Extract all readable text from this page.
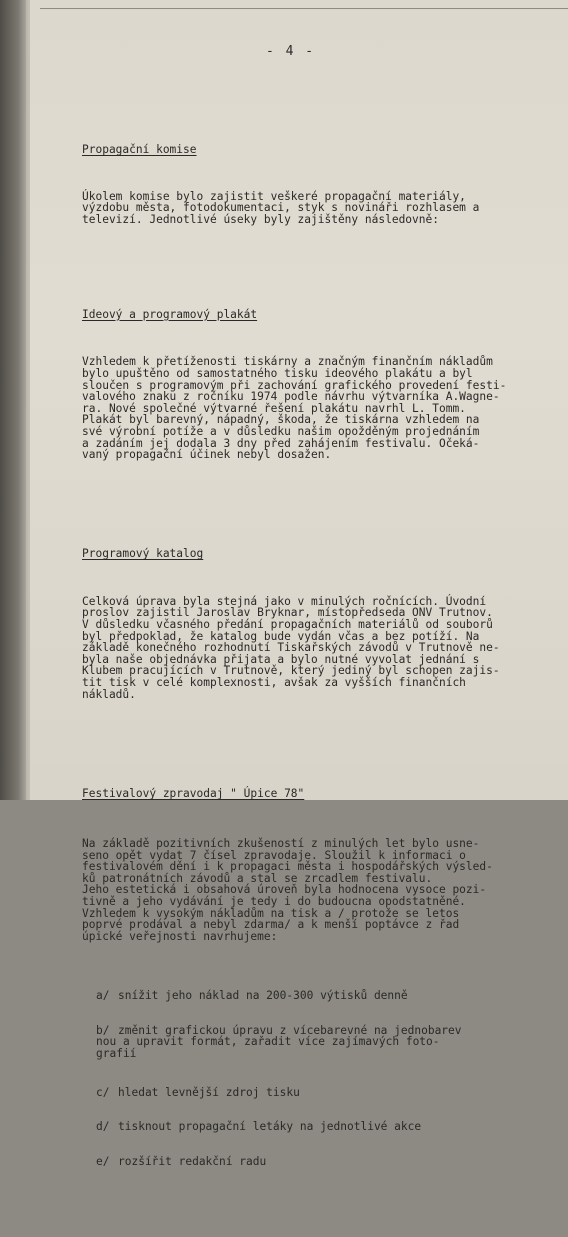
- 4 -

Propagační komise

Úkolem komise bylo zajistit veškeré propagační materiály,
výzdobu města, fotodokumentaci, styk s novináři rozhlasem a
televizí. Jednotlivé úseky byly zajištěny následovně:

Ideový a programový plakát

Vzhledem k přetíženosti tiskárny a značným finančním nákladům
bylo upuštěno od samostatného tisku ideového plakátu a byl
sloučen s programovým při zachování grafického provedení festi-
valového znaku z ročníku 1974 podle návrhu výtvarníka A.Wagne-
ra. Nové společné výtvarné řešení plakátu navrhl L. Tomm.
Plakát byl barevný, nápadný, škoda, že tiskárna vzhledem na
své výrobní potíže a v důsledku našim opožděným projednáním
a zadáním jej dodala 3 dny před zahájením festivalu. Očeká-
vaný propagační účinek nebyl dosažen.

Programový katalog

Celková úprava byla stejná jako v minulých ročnících. Úvodní
proslov zajistil Jaroslav Bryknar, místopředseda ONV Trutnov.
V důsledku včasného předání propagačních materiálů od souborů
byl předpoklad, že katalog bude vydán včas a bez potíží. Na
základě konečného rozhodnutí Tiskařských závodů v Trutnově ne-
byla naše objednávka přijata a bylo nutné vyvolat jednání s
Klubem pracujících v Trutnově, který jediný byl schopen zajis-
tit tisk v celé komplexnosti, avšak za vyšších finančních
nákladů.

Festivalový zpravodaj " Úpice 78"

Na základě pozitivních zkušeností z minulých let bylo usne-
seno opět vydat 7 čísel zpravodaje. Sloužil k informaci o
festivalovém dění i k propagaci města i hospodářských výsled-
ků patronátních závodů a stal se zrcadlem festivalu.
Jeho estetická i obsahová úroveň byla hodnocena vysoce pozi-
tivně a jeho vydávání je tedy i do budoucna opodstatněné.
Vzhledem k vysokým nákladům na tisk a / protože se letos
poprvé prodával a nebyl zdarma/ a k menší poptávce z řad
úpické veřejnosti navrhujeme:

a/ snížit jeho náklad na 200-300 výtisků denně

b/ změnit grafickou úpravu z vícebarevné na jednobarev
nou a upravit formát, zařadit více zajímavých foto-
grafií

c/ hledat levnější zdroj tisku

d/ tisknout propagační letáky na jednotlivé akce

e/ rozšířit redakční radu
